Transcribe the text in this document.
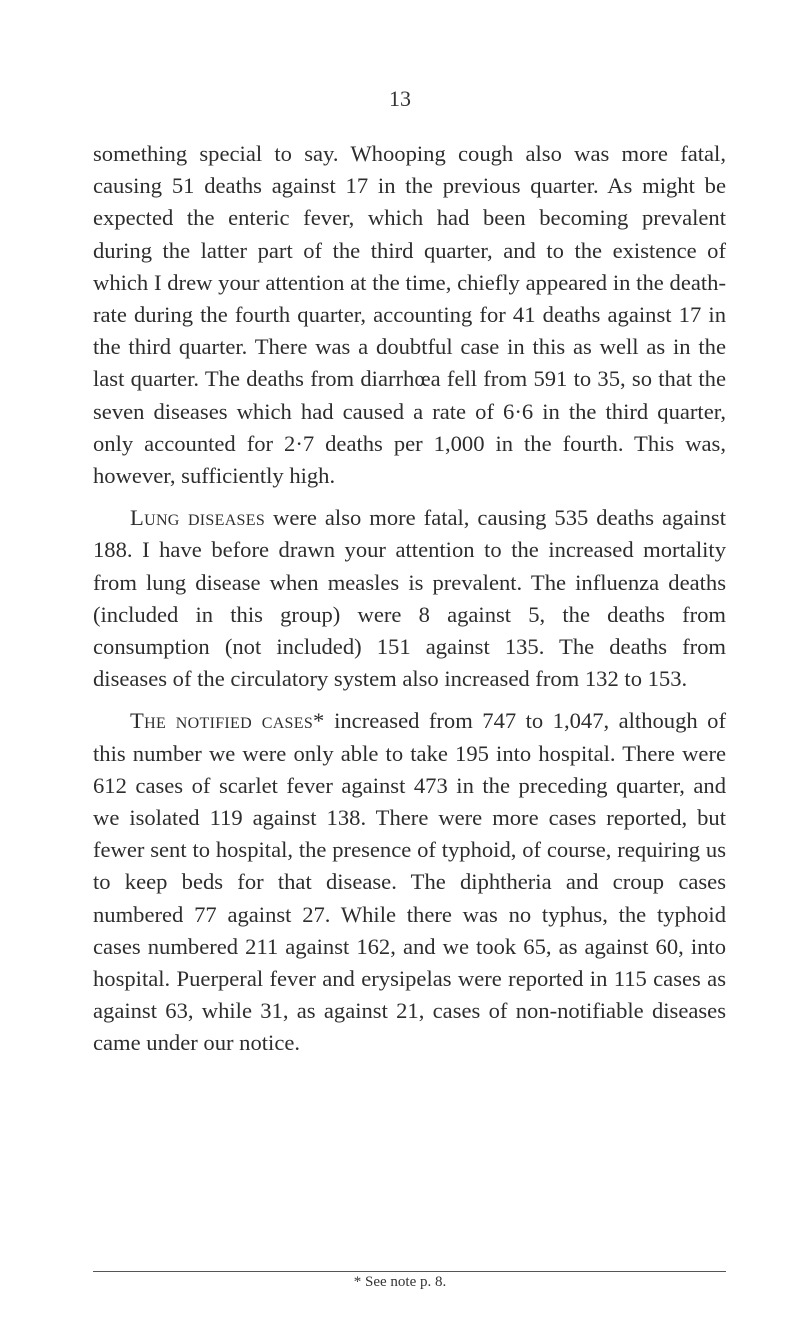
13

something special to say. Whooping cough also was more fatal, causing 51 deaths against 17 in the previous quarter. As might be expected the enteric fever, which had been becoming prevalent during the latter part of the third quarter, and to the existence of which I drew your attention at the time, chiefly appeared in the death-rate during the fourth quarter, accounting for 41 deaths against 17 in the third quarter. There was a doubtful case in this as well as in the last quarter. The deaths from diarrhœa fell from 591 to 35, so that the seven diseases which had caused a rate of 6·6 in the third quarter, only accounted for 2·7 deaths per 1,000 in the fourth. This was, however, sufficiently high.

Lung diseases were also more fatal, causing 535 deaths against 188. I have before drawn your attention to the increased mortality from lung disease when measles is prevalent. The influenza deaths (included in this group) were 8 against 5, the deaths from consumption (not included) 151 against 135. The deaths from diseases of the circulatory system also increased from 132 to 153.

The notified cases* increased from 747 to 1,047, although of this number we were only able to take 195 into hospital. There were 612 cases of scarlet fever against 473 in the preceding quarter, and we isolated 119 against 138. There were more cases reported, but fewer sent to hospital, the presence of typhoid, of course, requiring us to keep beds for that disease. The diphtheria and croup cases numbered 77 against 27. While there was no typhus, the typhoid cases numbered 211 against 162, and we took 65, as against 60, into hospital. Puerperal fever and erysipelas were reported in 115 cases as against 63, while 31, as against 21, cases of non-notifiable diseases came under our notice.

* See note p. 8.
